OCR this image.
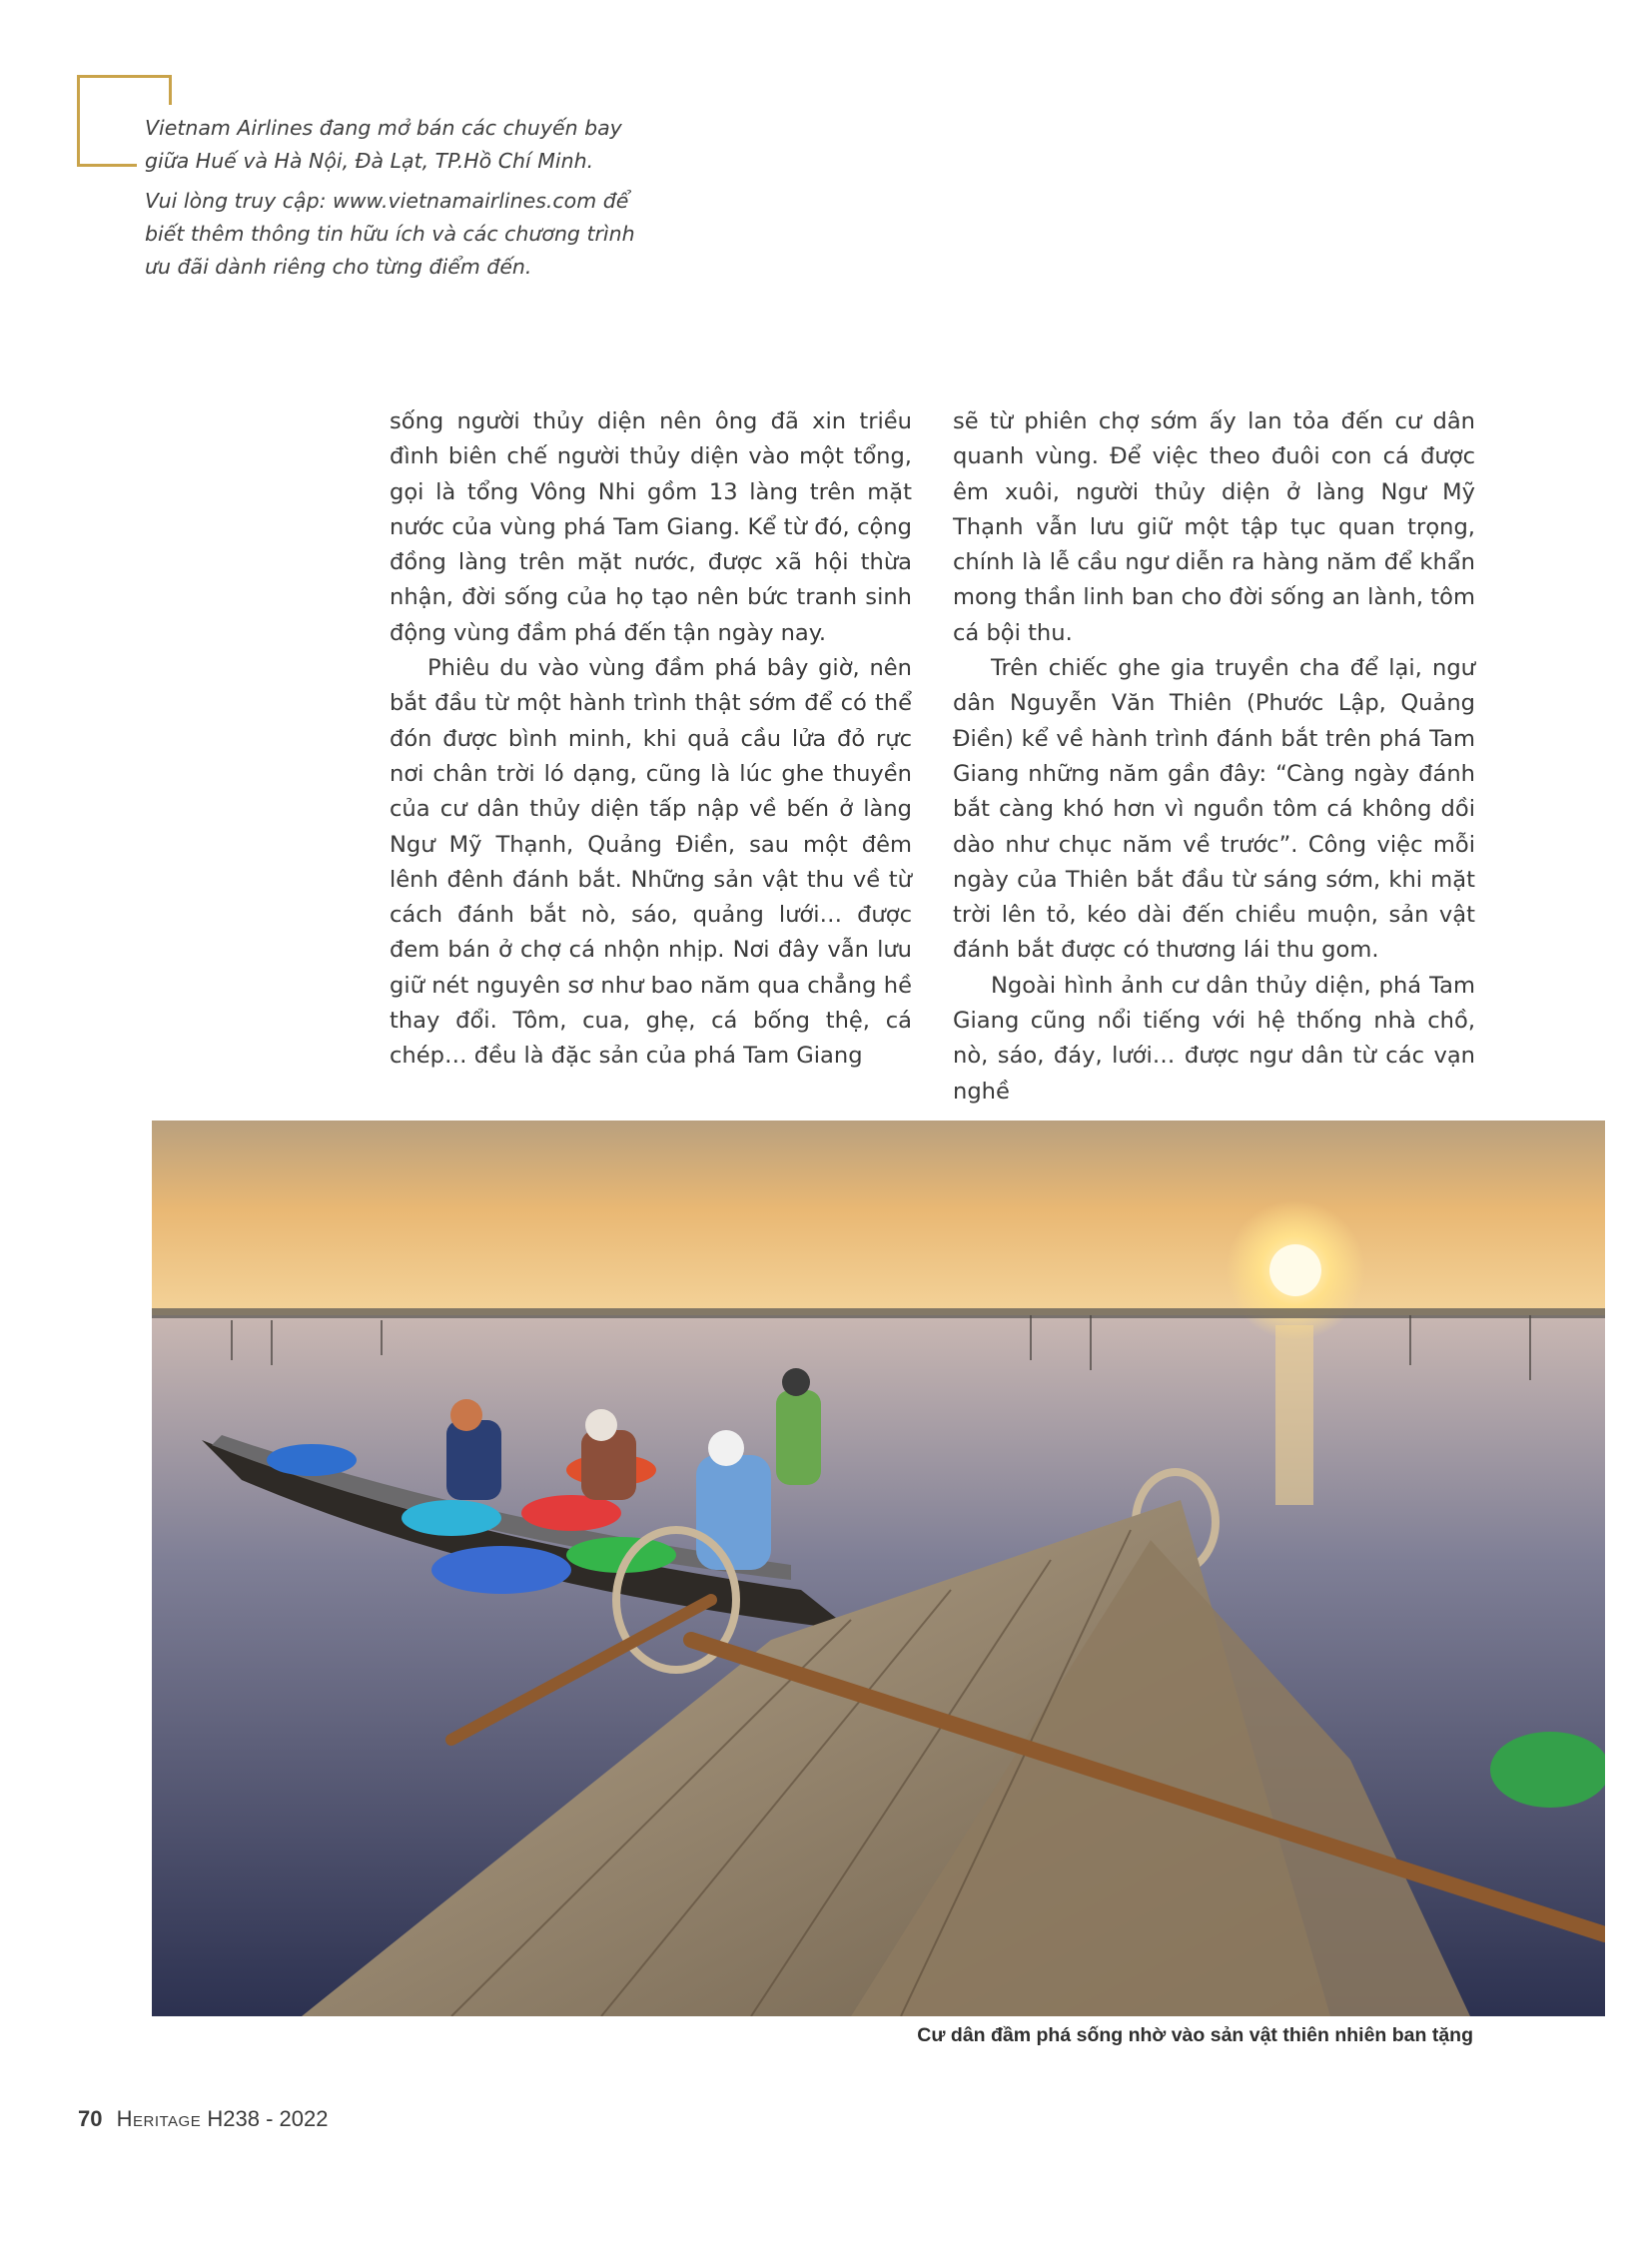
Vietnam Airlines đang mở bán các chuyến bay giữa Huế và Hà Nội, Đà Lạt, TP.Hồ Chí Minh.

Vui lòng truy cập: www.vietnamairlines.com để biết thêm thông tin hữu ích và các chương trình ưu đãi dành riêng cho từng điểm đến.

sống người thủy diện nên ông đã xin triều đình biên chế người thủy diện vào một tổng, gọi là tổng Vông Nhi gồm 13 làng trên mặt nước của vùng phá Tam Giang. Kể từ đó, cộng đồng làng trên mặt nước, được xã hội thừa nhận, đời sống của họ tạo nên bức tranh sinh động vùng đầm phá đến tận ngày nay.

Phiêu du vào vùng đầm phá bây giờ, nên bắt đầu từ một hành trình thật sớm để có thể đón được bình minh, khi quả cầu lửa đỏ rực nơi chân trời ló dạng, cũng là lúc ghe thuyền của cư dân thủy diện tấp nập về bến ở làng Ngư Mỹ Thạnh, Quảng Điền, sau một đêm lênh đênh đánh bắt. Những sản vật thu về từ cách đánh bắt nò, sáo, quảng lưới… được đem bán ở chợ cá nhộn nhịp. Nơi đây vẫn lưu giữ nét nguyên sơ như bao năm qua chẳng hề thay đổi. Tôm, cua, ghẹ, cá bống thệ, cá chép… đều là đặc sản của phá Tam Giang

sẽ từ phiên chợ sớm ấy lan tỏa đến cư dân quanh vùng. Để việc theo đuôi con cá được êm xuôi, người thủy diện ở làng Ngư Mỹ Thạnh vẫn lưu giữ một tập tục quan trọng, chính là lễ cầu ngư diễn ra hàng năm để khẩn mong thần linh ban cho đời sống an lành, tôm cá bội thu.

Trên chiếc ghe gia truyền cha để lại, ngư dân Nguyễn Văn Thiên (Phước Lập, Quảng Điền) kể về hành trình đánh bắt trên phá Tam Giang những năm gần đây: “Càng ngày đánh bắt càng khó hơn vì nguồn tôm cá không dồi dào như chục năm về trước”. Công việc mỗi ngày của Thiên bắt đầu từ sáng sớm, khi mặt trời lên tỏ, kéo dài đến chiều muộn, sản vật đánh bắt được có thương lái thu gom.

Ngoài hình ảnh cư dân thủy diện, phá Tam Giang cũng nổi tiếng với hệ thống nhà chồ, nò, sáo, đáy, lưới… được ngư dân từ các vạn nghề

Cư dân đầm phá sống nhờ vào sản vật thiên nhiên ban tặng
70 Heritage H238 - 2022
